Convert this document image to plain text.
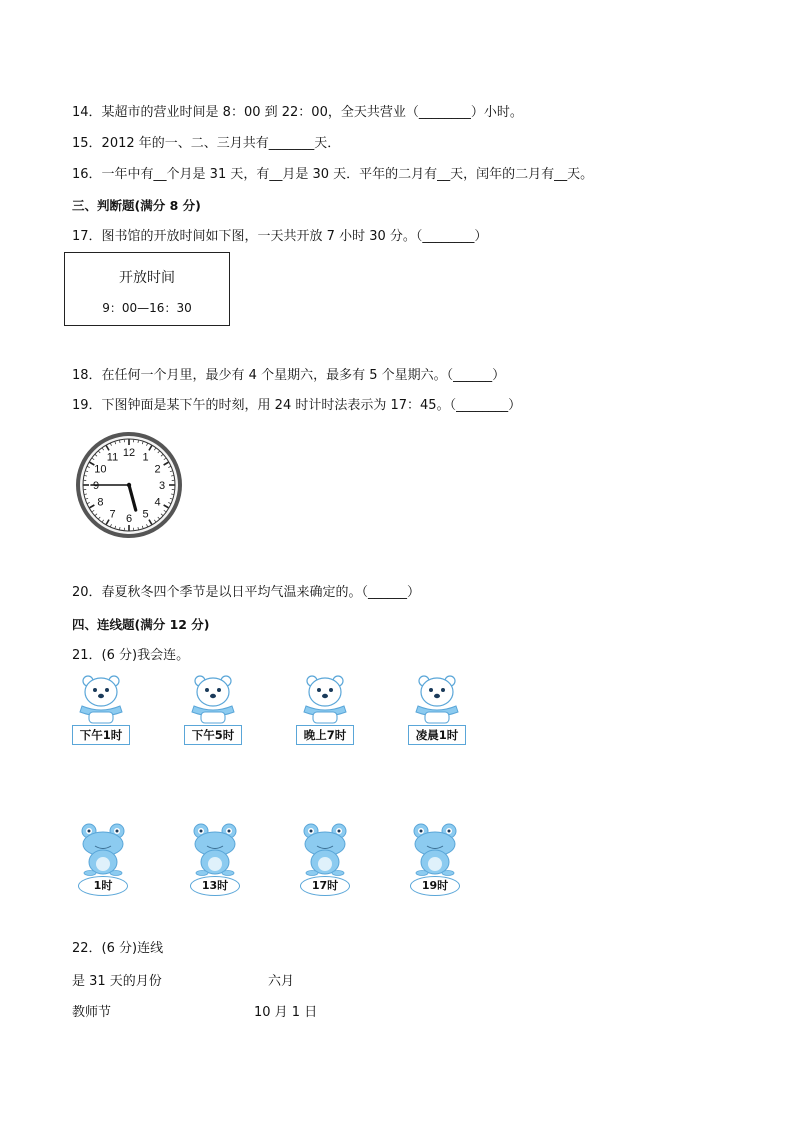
14．某超市的营业时间是 8：00 到 22：00，全天共营业（________）小时。
15．2012 年的一、二、三月共有_______天．
16．一年中有__个月是 31 天，有__月是 30 天．平年的二月有__天，闰年的二月有__天。
三、判断题(满分 8 分)
17．图书馆的开放时间如下图，一天共开放 7 小时 30 分。（________）
开放时间
9：00—16：30
18．在任何一个月里，最少有 4 个星期六，最多有 5 个星期六。（______）
19．下图钟面是某下午的时刻，用 24 时计时法表示为 17：45。（________）
12 1
2
3
4
5
6
7
8
9
10
11
20．春夏秋冬四个季节是以日平均气温来确定的。（______）
四、连线题(满分 12 分)
21．(6 分)我会连。
下午1时	下午5时	晚上7时	凌晨1时
1时	13时	17时	19时
22．(6 分)连线
是 31 天的月份	六月
教师节	10 月 1 日
